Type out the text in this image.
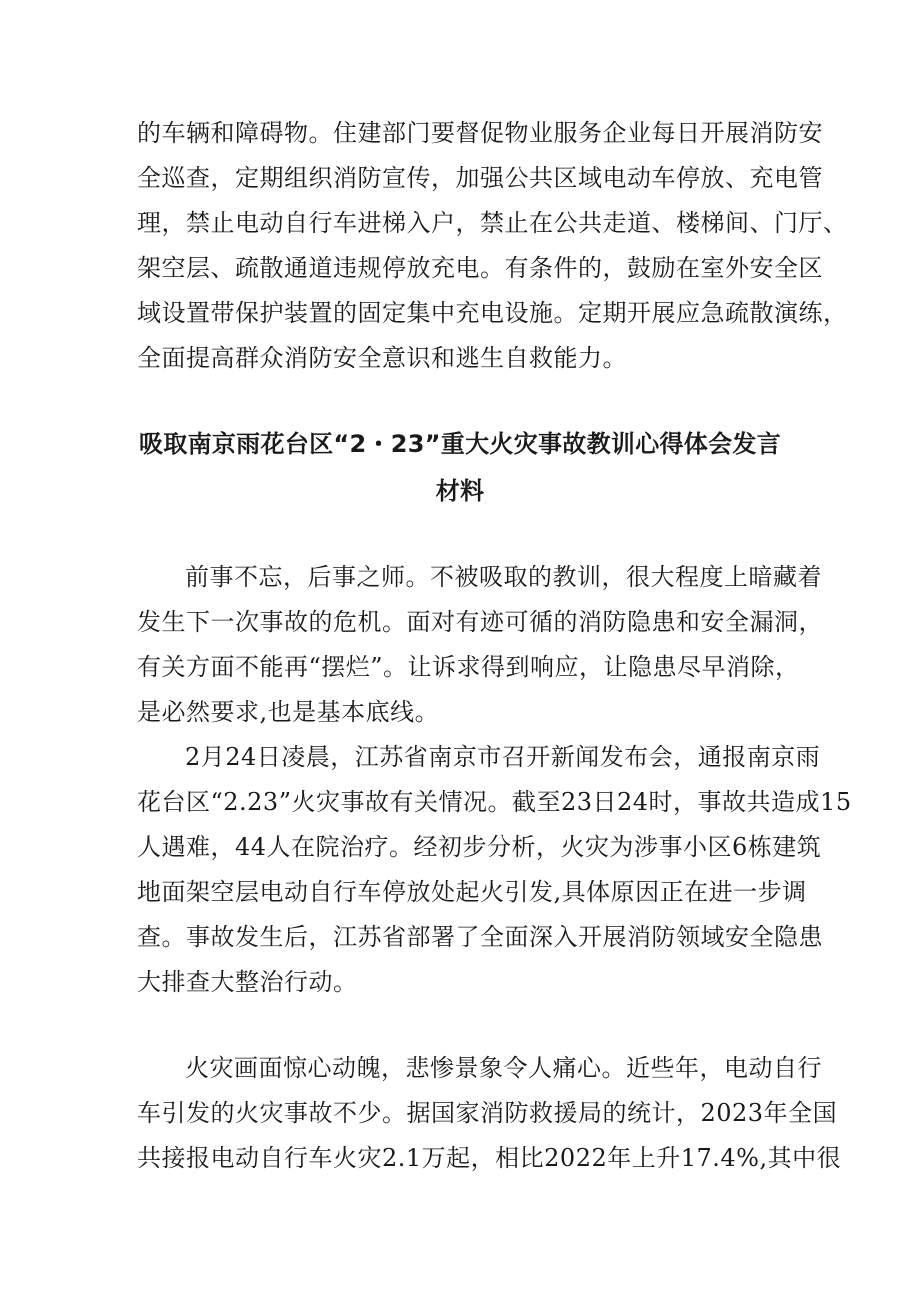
的车辆和障碍物。住建部门要督促物业服务企业每日开展消防安
全巡查，定期组织消防宣传，加强公共区域电动车停放、充电管
理，禁止电动自行车进梯入户，禁止在公共走道、楼梯间、门厅、
架空层、疏散通道违规停放充电。有条件的，鼓励在室外安全区
域设置带保护装置的固定集中充电设施。定期开展应急疏散演练，
全面提高群众消防安全意识和逃生自救能力。
吸取南京雨花台区“2・23”重大火灾事故教训心得体会发言
材料
前事不忘，后事之师。不被吸取的教训，很大程度上暗藏着
发生下一次事故的危机。面对有迹可循的消防隐患和安全漏洞，
有关方面不能再“摆烂”。让诉求得到响应，让隐患尽早消除，
是必然要求,也是基本底线。
2月24日凌晨，江苏省南京市召开新闻发布会，通报南京雨
花台区“2.23”火灾事故有关情况。截至23日24时，事故共造成15
人遇难，44人在院治疗。经初步分析，火灾为涉事小区6栋建筑
地面架空层电动自行车停放处起火引发,具体原因正在进一步调
查。事故发生后，江苏省部署了全面深入开展消防领域安全隐患
大排查大整治行动。
火灾画面惊心动魄，悲惨景象令人痛心。近些年，电动自行
车引发的火灾事故不少。据国家消防救援局的统计，2023年全国
共接报电动自行车火灾2.1万起，相比2022年上升17.4%,其中很
